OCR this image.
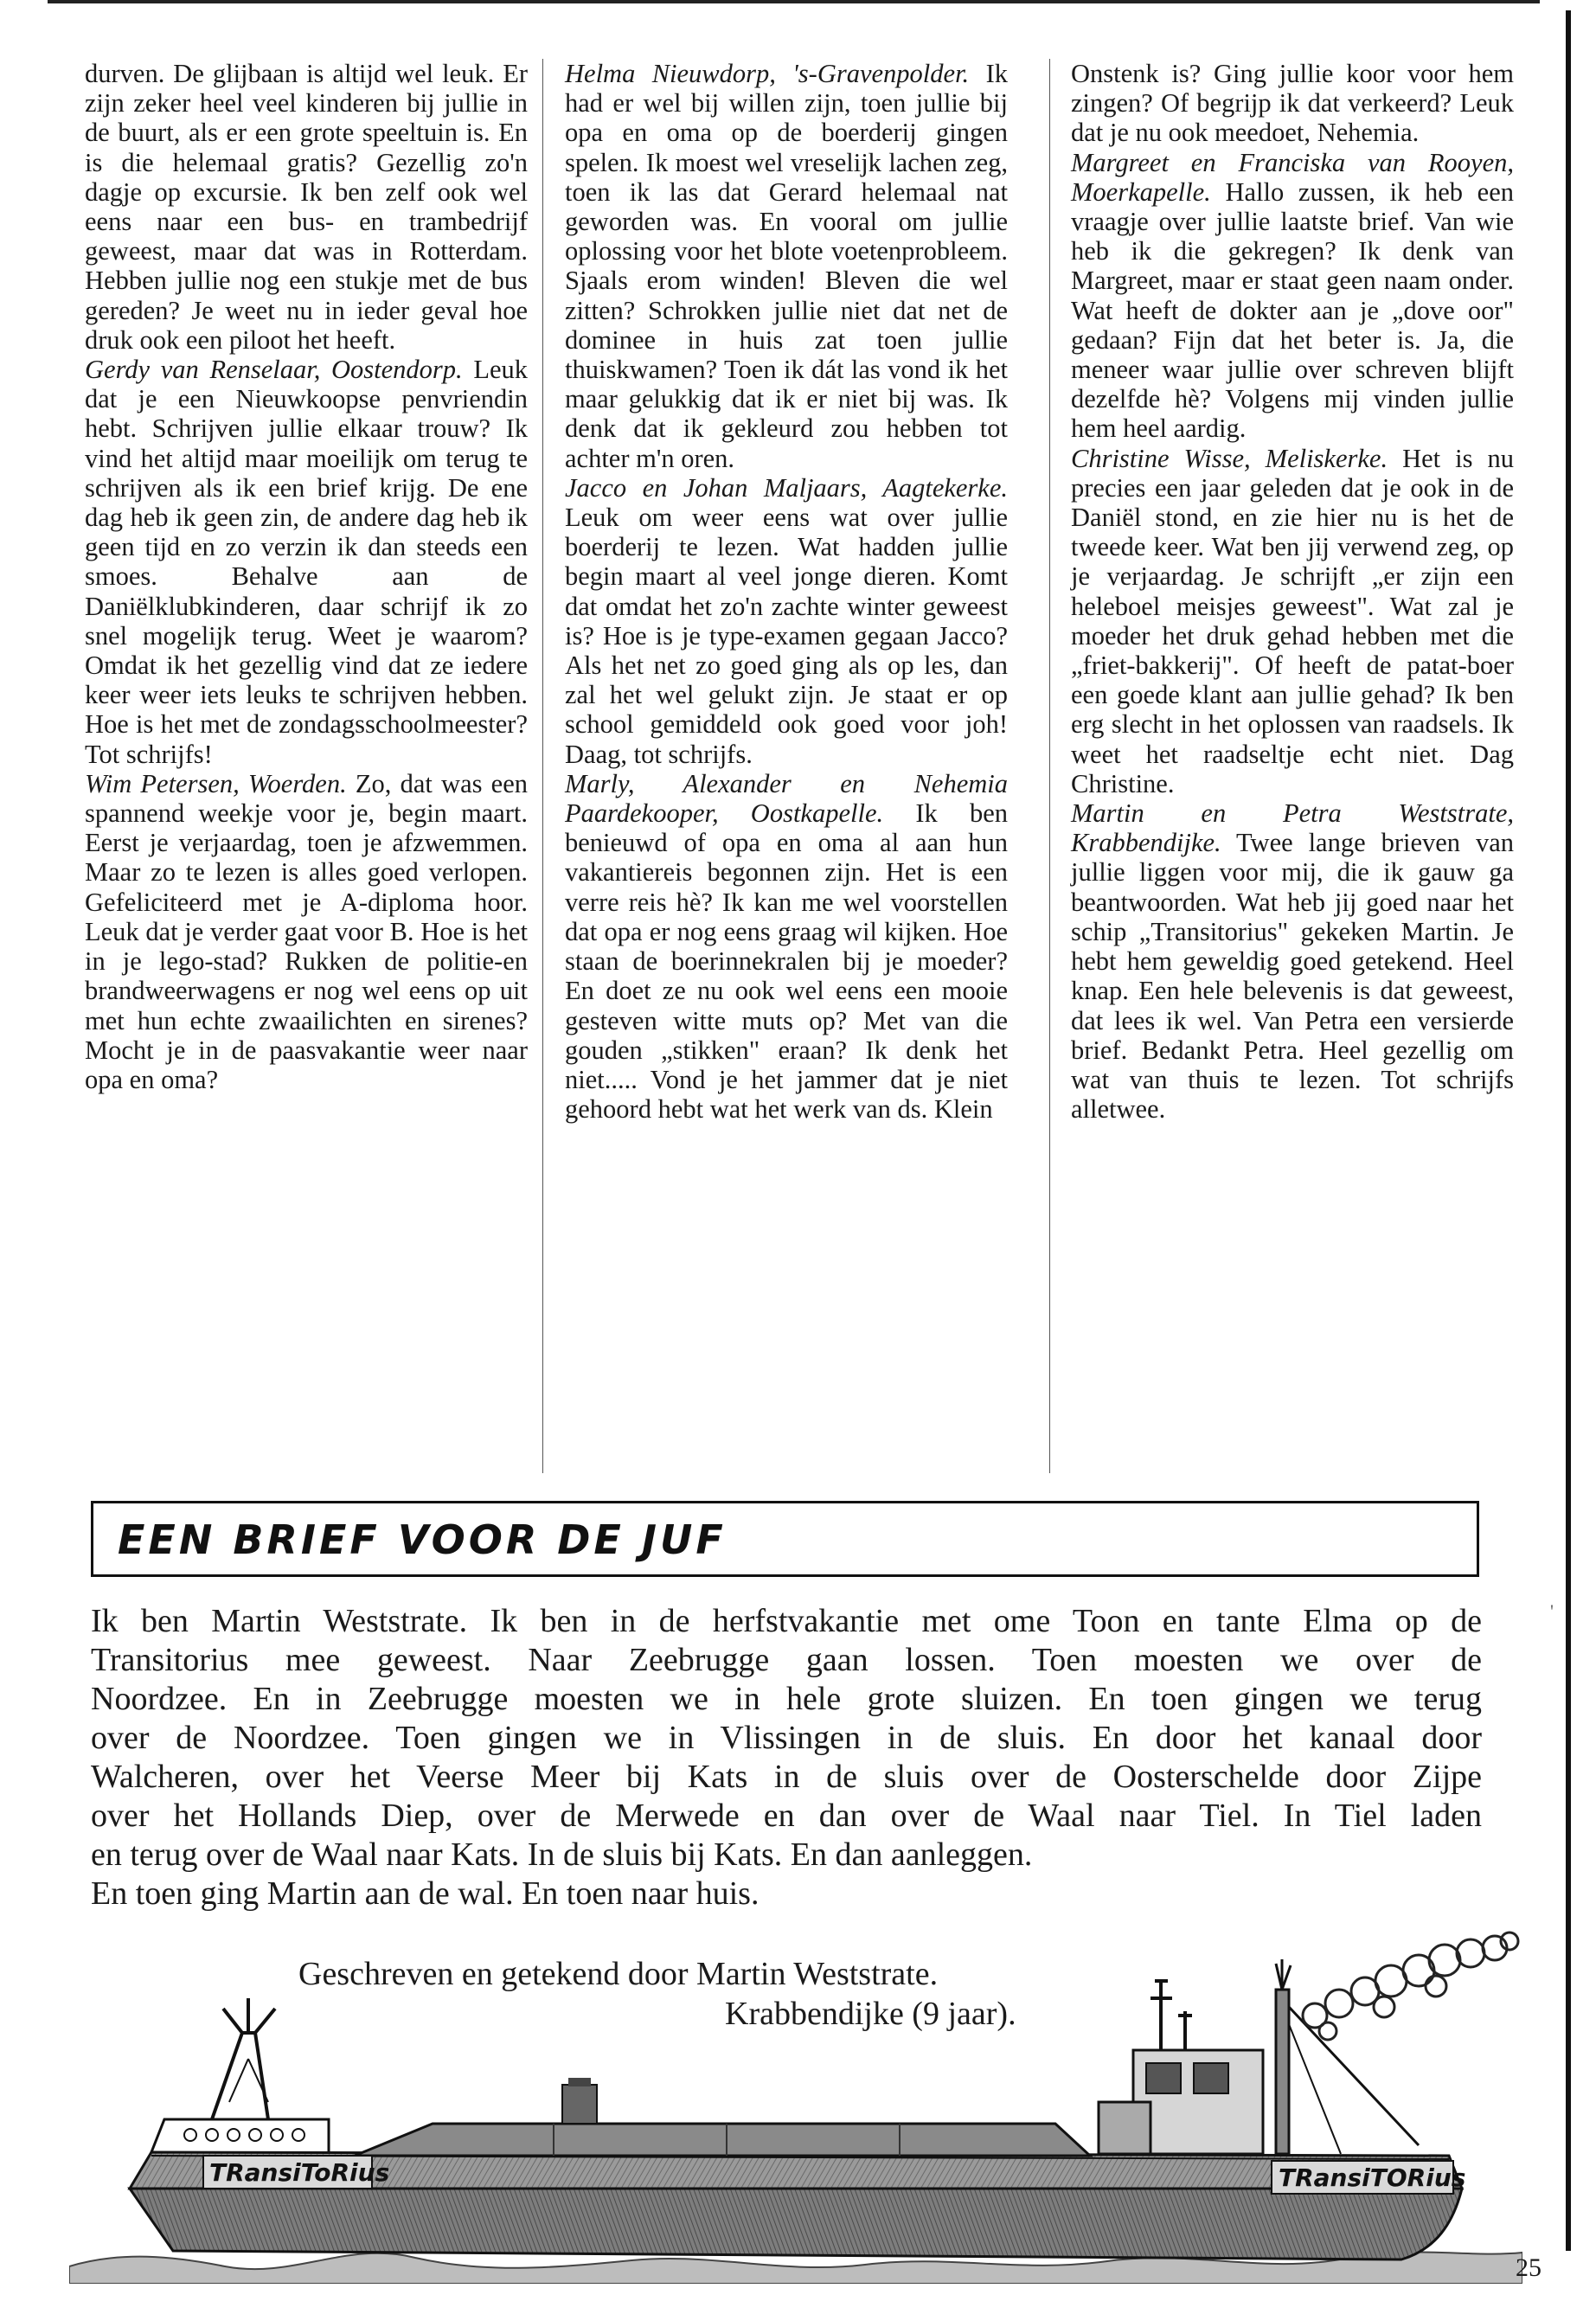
durven. De glijbaan is altijd wel leuk. Er zijn zeker heel veel kinderen bij jullie in de buurt, als er een grote speeltuin is. En is die helemaal gratis? Gezellig zo'n dagje op excursie. Ik ben zelf ook wel eens naar een bus- en trambedrijf geweest, maar dat was in Rotterdam. Hebben jullie nog een stukje met de bus gereden? Je weet nu in ieder geval hoe druk ook een piloot het heeft.

Gerdy van Renselaar, Oostendorp. Leuk dat je een Nieuwkoopse penvriendin hebt. Schrijven jullie elkaar trouw? Ik vind het altijd maar moeilijk om terug te schrijven als ik een brief krijg. De ene dag heb ik geen zin, de andere dag heb ik geen tijd en zo verzin ik dan steeds een smoes. Behalve aan de Daniëlklubkinderen, daar schrijf ik zo snel mogelijk terug. Weet je waarom? Omdat ik het gezellig vind dat ze iedere keer weer iets leuks te schrijven hebben. Hoe is het met de zondagsschoolmeester? Tot schrijfs!

Wim Petersen, Woerden. Zo, dat was een spannend weekje voor je, begin maart. Eerst je verjaardag, toen je afzwemmen. Maar zo te lezen is alles goed verlopen. Gefeliciteerd met je A-diploma hoor. Leuk dat je verder gaat voor B. Hoe is het in je lego-stad? Rukken de politie-en brandweerwagens er nog wel eens op uit met hun echte zwaailichten en sirenes? Mocht je in de paasvakantie weer naar opa en oma?

Helma Nieuwdorp, 's-Gravenpolder. Ik had er wel bij willen zijn, toen jullie bij opa en oma op de boerderij gingen spelen. Ik moest wel vreselijk lachen zeg, toen ik las dat Gerard helemaal nat geworden was. En vooral om jullie oplossing voor het blote voetenprobleem. Sjaals erom winden! Bleven die wel zitten? Schrokken jullie niet dat net de dominee in huis zat toen jullie thuiskwamen? Toen ik dát las vond ik het maar gelukkig dat ik er niet bij was. Ik denk dat ik gekleurd zou hebben tot achter m'n oren.

Jacco en Johan Maljaars, Aagtekerke. Leuk om weer eens wat over jullie boerderij te lezen. Wat hadden jullie begin maart al veel jonge dieren. Komt dat omdat het zo'n zachte winter geweest is? Hoe is je type-examen gegaan Jacco? Als het net zo goed ging als op les, dan zal het wel gelukt zijn. Je staat er op school gemiddeld ook goed voor joh! Daag, tot schrijfs.

Marly, Alexander en Nehemia Paardekooper, Oostkapelle. Ik ben benieuwd of opa en oma al aan hun vakantiereis begonnen zijn. Het is een verre reis hè? Ik kan me wel voorstellen dat opa er nog eens graag wil kijken. Hoe staan de boerinnekralen bij je moeder? En doet ze nu ook wel eens een mooie gesteven witte muts op? Met van die gouden „stikken" eraan? Ik denk het niet..... Vond je het jammer dat je niet gehoord hebt wat het werk van ds. Klein

Onstenk is? Ging jullie koor voor hem zingen? Of begrijp ik dat verkeerd? Leuk dat je nu ook meedoet, Nehemia.

Margreet en Franciska van Rooyen, Moerkapelle. Hallo zussen, ik heb een vraagje over jullie laatste brief. Van wie heb ik die gekregen? Ik denk van Margreet, maar er staat geen naam onder. Wat heeft de dokter aan je „dove oor" gedaan? Fijn dat het beter is. Ja, die meneer waar jullie over schreven blijft dezelfde hè? Volgens mij vinden jullie hem heel aardig.

Christine Wisse, Meliskerke. Het is nu precies een jaar geleden dat je ook in de Daniël stond, en zie hier nu is het de tweede keer. Wat ben jij verwend zeg, op je verjaardag. Je schrijft „er zijn een heleboel meisjes geweest". Wat zal je moeder het druk gehad hebben met die „friet-bakkerij". Of heeft de patat-boer een goede klant aan jullie gehad? Ik ben erg slecht in het oplossen van raadsels. Ik weet het raadseltje echt niet. Dag Christine.

Martin en Petra Weststrate, Krabbendijke. Twee lange brieven van jullie liggen voor mij, die ik gauw ga beantwoorden. Wat heb jij goed naar het schip „Transitorius" gekeken Martin. Je hebt hem geweldig goed getekend. Heel knap. Een hele belevenis is dat geweest, dat lees ik wel. Van Petra een versierde brief. Bedankt Petra. Heel gezellig om wat van thuis te lezen. Tot schrijfs alletwee.

EEN BRIEF VOOR DE JUF
Ik ben Martin Weststrate. Ik ben in de herfstvakantie met ome Toon en tante Elma op de
Transitorius mee geweest. Naar Zeebrugge gaan lossen. Toen moesten we over de
Noordzee. En in Zeebrugge moesten we in hele grote sluizen. En toen gingen we terug
over de Noordzee. Toen gingen we in Vlissingen in de sluis. En door het kanaal door
Walcheren, over het Veerse Meer bij Kats in de sluis over de Oosterschelde door Zijpe
over het Hollands Diep, over de Merwede en dan over de Waal naar Tiel. In Tiel laden
en terug over de Waal naar Kats. In de sluis bij Kats. En dan aanleggen.
En toen ging Martin aan de wal. En toen naar huis.
TRansiToRius	TRansiTORius
Geschreven en getekend door Martin Weststrate.
Krabbendijke (9 jaar).
'
25
